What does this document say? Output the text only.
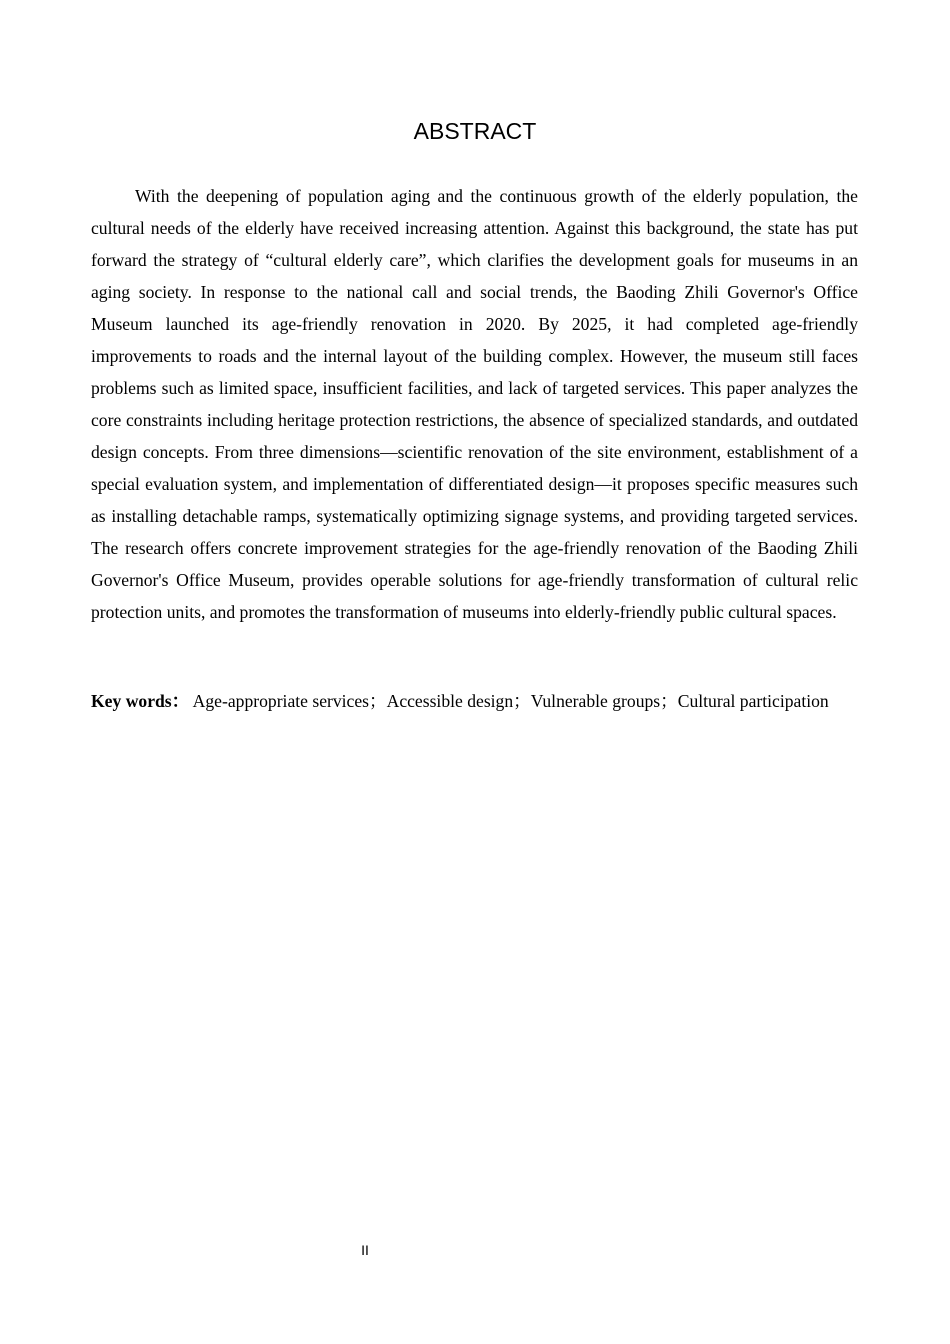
ABSTRACT

With the deepening of population aging and the continuous growth of the elderly population, the cultural needs of the elderly have received increasing attention. Against this background, the state has put forward the strategy of “cultural elderly care”, which clarifies the development goals for museums in an aging society. In response to the national call and social trends, the Baoding Zhili Governor's Office Museum launched its age-friendly renovation in 2020. By 2025, it had completed age-friendly improvements to roads and the internal layout of the building complex. However, the museum still faces problems such as limited space, insufficient facilities, and lack of targeted services. This paper analyzes the core constraints including heritage protection restrictions, the absence of specialized standards, and outdated design concepts. From three dimensions—scientific renovation of the site environment, establishment of a special evaluation system, and implementation of differentiated design—it proposes specific measures such as installing detachable ramps, systematically optimizing signage systems, and providing targeted services. The research offers concrete improvement strategies for the age-friendly renovation of the Baoding Zhili Governor's Office Museum, provides operable solutions for age-friendly transformation of cultural relic protection units, and promotes the transformation of museums into elderly-friendly public cultural spaces.

Key words： Age-appropriate services；Accessible design；Vulnerable groups；Cultural participation

II
